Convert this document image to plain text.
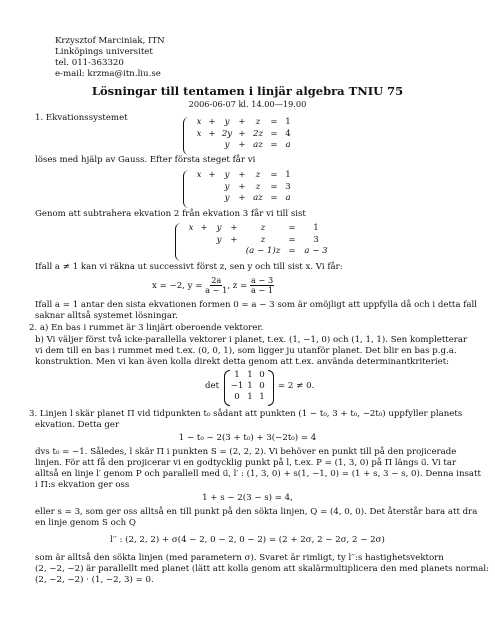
Krzysztof Marciniak, ITN
Linköpings universitet
tel. 011-363320
e-mail: krzma@itn.liu.se
Lösningar till tentamen i linjär algebra TNIU 75
2006-06-07 kl. 14.00—19.00
1. Ekvationssystemet	x +	y	+	z	= 1
x + 2y + 2z = 4
y	+ az = a
löses med hjälp av Gauss. Efter första steget får vi
x +	y	+	z	= 1
y	+	z	= 3
y	+ az = a
Genom att subtrahera ekvation 2 från ekvation 3 får vi till sist
x +	y	+	z	=	1
y	+	z	=	3
(a − 1)z =	a − 3
Ifall a ≠ 1 kan vi räkna ut successivt först z, sen y och till sist x. Vi får:
x = −2, $y = \frac{2a}{a - 1}$ , $z = \frac{a - 3}{a - 1}$
Ifall a = 1 antar den sista ekvationen formen 0 = a − 3 som är omöjligt att uppfylla då och i detta fall
saknar alltså systemet lösningar.
2. a) En bas i rummet är 3 linjärt oberoende vektorer.
b) Vi väljer först två icke-parallella vektorer i planet, t.ex. (1, −1, 0) och (1, 1, 1). Sen kompletterar
vi dem till en bas i rummet med t.ex. (0, 0, 1), som ligger ju utanför planet. Det blir en bas p.g.a.
konstruktion. Men vi kan även kolla direkt detta genom att t.ex. använda determinantkriteriet:
det
1 1 0
−1 1 0
0 1 1
= 2 ≠ 0.
3. Linjen l skär planet Π vid tidpunkten t₀ sådant att punkten (1 − t₀, 3 + t₀, −2t₀) uppfyller planets
ekvation. Detta ger
1 − t₀ − 2(3 + t₀) + 3(−2t₀) = 4
dvs t₀ = −1. Således, l skär Π i punkten S = (2, 2, 2). Vi behöver en punkt till på den projicerade
linjen. För att få den projicerar vi en godtycklig punkt på l, t.ex. P = (1, 3, 0) på Π längs u⃗. Vi tar
alltså en linje l′ genom P och parallell med u⃗, l′ : (1, 3, 0) + s(1, −1, 0) = (1 + s, 3 − s, 0). Denna insatt
i Π:s ekvation ger oss
1 + s − 2(3 − s) = 4,
eller s = 3, som ger oss alltså en till punkt på den sökta linjen, Q = (4, 0, 0). Det återstår bara att dra
en linje genom S och Q
l′′ : (2, 2, 2) + σ(4 − 2, 0 − 2, 0 − 2) = (2 + 2σ, 2 − 2σ, 2 − 2σ)
som är alltså den sökta linjen (med parametern σ). Svaret är rimligt, ty l′′:s hastighetsvektorn
(2, −2, −2) är parallellt med planet (lätt att kolla genom att skalärmultiplicera den med planets normal:
(2, −2, −2) · (1, −2, 3) = 0.
